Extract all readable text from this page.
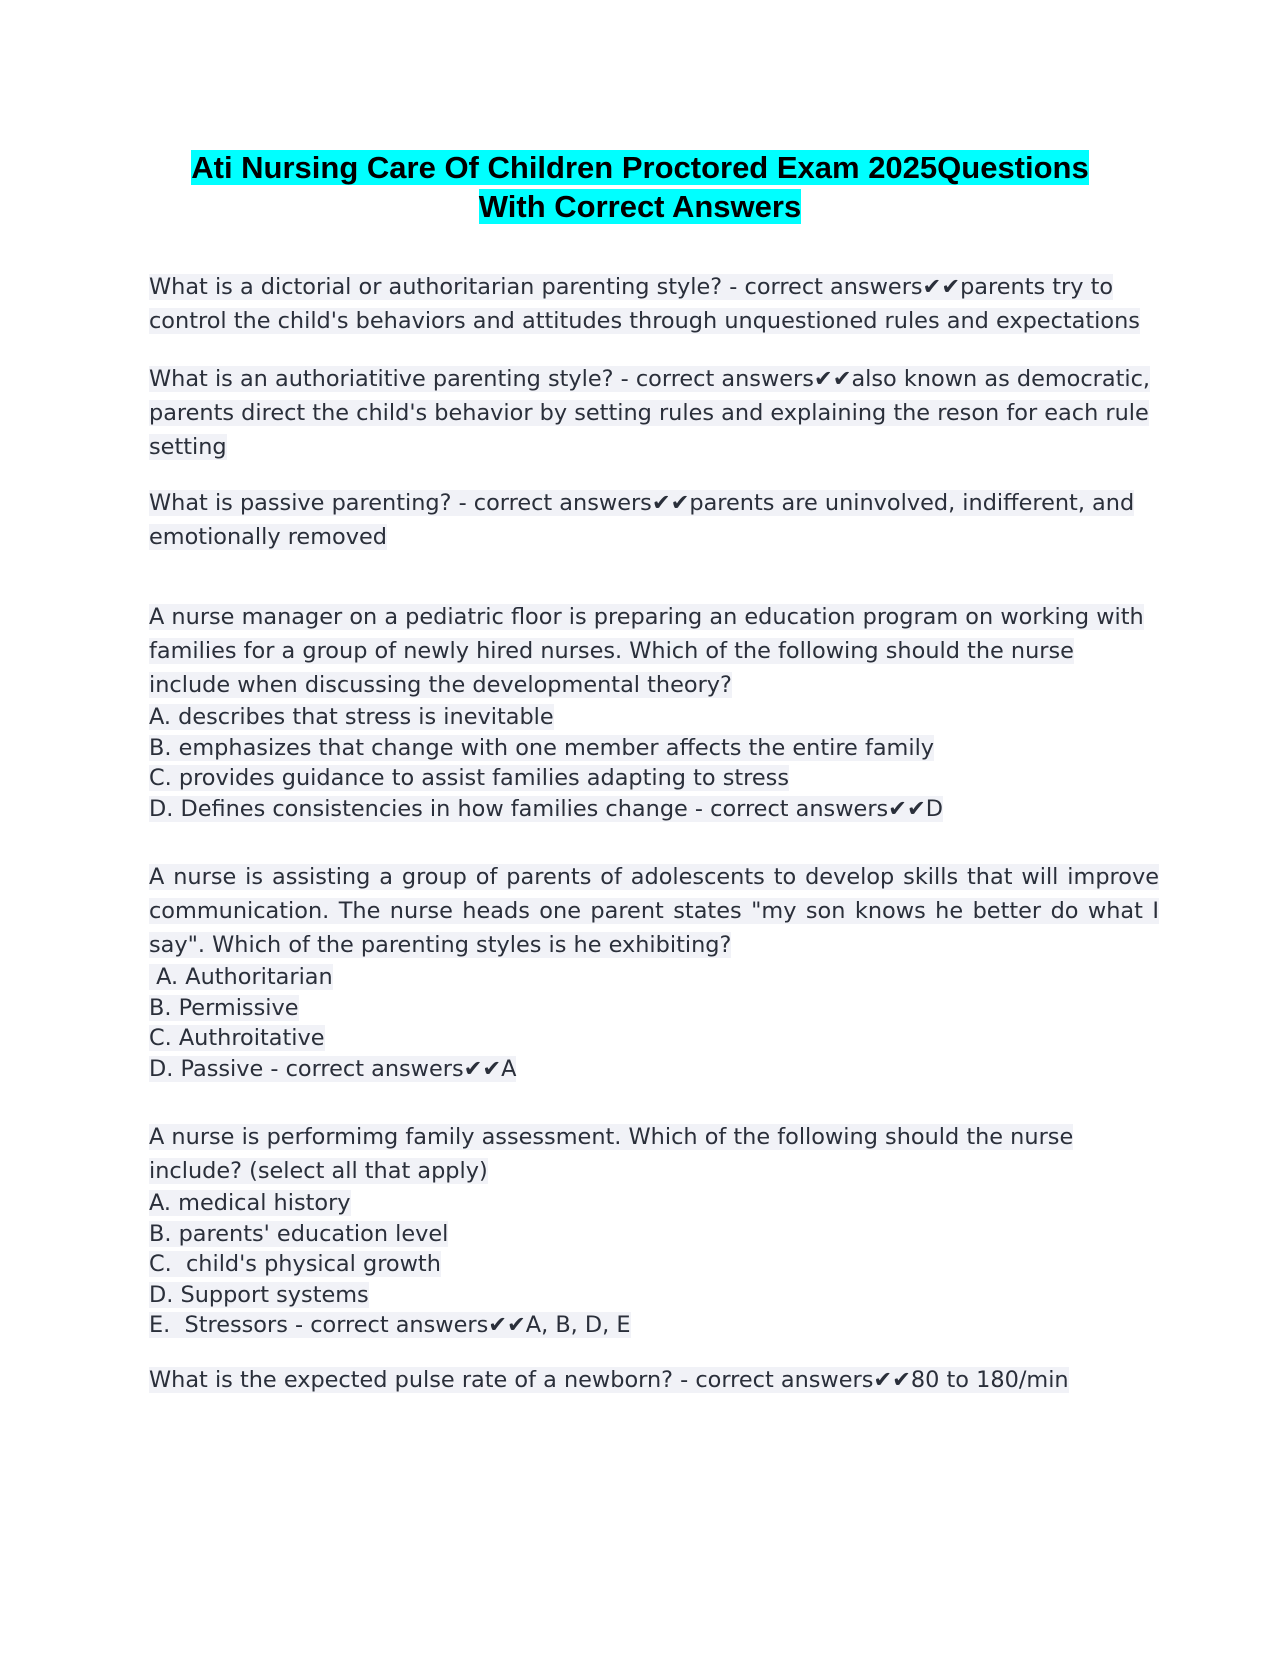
Ati Nursing Care Of Children Proctored Exam 2025Questions
With Correct Answers

What is a dictorial or authoritarian parenting style? - correct answers✔✔parents try to control the child's behaviors and attitudes through unquestioned rules and expectations

What is an authoriatitive parenting style? - correct answers✔✔also known as democratic, parents direct the child's behavior by setting rules and explaining the reson for each rule setting

What is passive parenting? - correct answers✔✔parents are uninvolved, indifferent, and emotionally removed

A nurse manager on a pediatric floor is preparing an education program on working with families for a group of newly hired nurses. Which of the following should the nurse include when discussing the developmental theory?

A. describes that stress is inevitable

B. emphasizes that change with one member affects the entire family

C. provides guidance to assist families adapting to stress

D. Defines consistencies in how families change - correct answers✔✔D

A nurse is assisting a group of parents of adolescents to develop skills that will improve communication. The nurse heads one parent states "my son knows he better do what I say". Which of the parenting styles is he exhibiting?

A. Authoritarian

B. Permissive

C. Authroitative

D. Passive - correct answers✔✔A

A nurse is performimg family assessment. Which of the following should the nurse include? (select all that apply)

A. medical history

B. parents' education level

C.  child's physical growth

D. Support systems

E.  Stressors - correct answers✔✔A, B, D, E

What is the expected pulse rate of a newborn? - correct answers✔✔80 to 180/min
